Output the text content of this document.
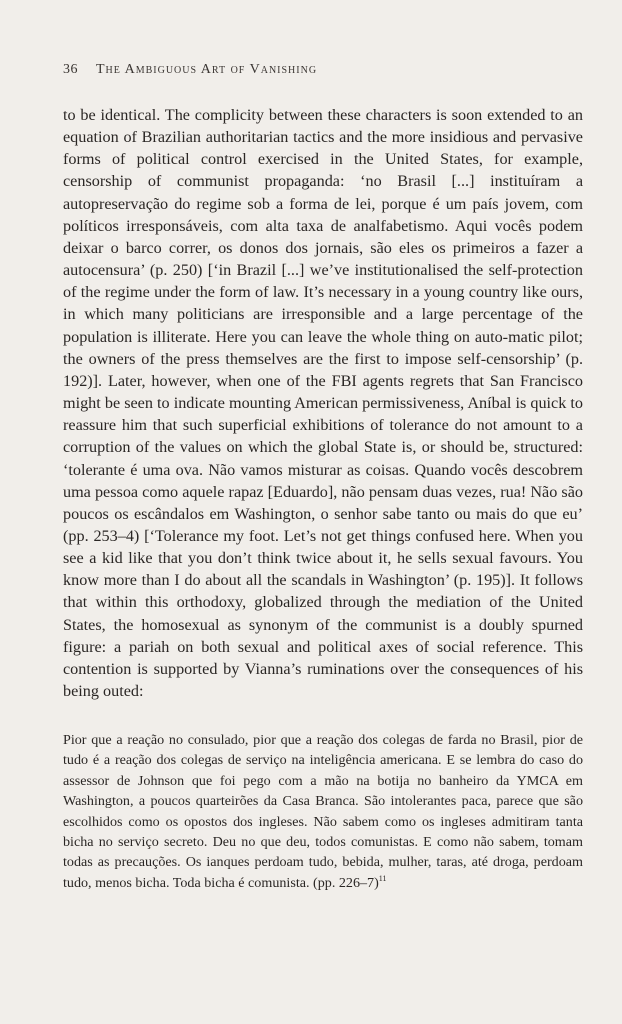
36 The Ambiguous Art of Vanishing

to be identical. The complicity between these characters is soon extended to an equation of Brazilian authoritarian tactics and the more insidious and pervasive forms of political control exercised in the United States, for example, censorship of communist propaganda: ‘no Brasil [...] instituíram a autopreservação do regime sob a forma de lei, porque é um país jovem, com políticos irresponsáveis, com alta taxa de analfabetismo. Aqui vocês podem deixar o barco correr, os donos dos jornais, são eles os primeiros a fazer a autocensura’ (p. 250) [‘in Brazil [...] we’ve institutionalised the self-protection of the regime under the form of law. It’s necessary in a young country like ours, in which many politicians are irresponsible and a large percentage of the population is illiterate. Here you can leave the whole thing on auto-matic pilot; the owners of the press themselves are the first to impose self-censorship’ (p. 192)]. Later, however, when one of the FBI agents regrets that San Francisco might be seen to indicate mounting American permissiveness, Aníbal is quick to reassure him that such superficial exhibitions of tolerance do not amount to a corruption of the values on which the global State is, or should be, structured: ‘tolerante é uma ova. Não vamos misturar as coisas. Quando vocês descobrem uma pessoa como aquele rapaz [Eduardo], não pensam duas vezes, rua! Não são poucos os escândalos em Washington, o senhor sabe tanto ou mais do que eu’ (pp. 253–4) [‘Tolerance my foot. Let’s not get things confused here. When you see a kid like that you don’t think twice about it, he sells sexual favours. You know more than I do about all the scandals in Washington’ (p. 195)]. It follows that within this orthodoxy, globalized through the mediation of the United States, the homosexual as synonym of the communist is a doubly spurned figure: a pariah on both sexual and political axes of social reference. This contention is supported by Vianna’s ruminations over the consequences of his being outed:

Pior que a reação no consulado, pior que a reação dos colegas de farda no Brasil, pior de tudo é a reação dos colegas de serviço na inteligência americana. E se lembra do caso do assessor de Johnson que foi pego com a mão na botija no banheiro da YMCA em Washington, a poucos quarteirões da Casa Branca. São intolerantes paca, parece que são escolhidos como os opostos dos ingleses. Não sabem como os ingleses admitiram tanta bicha no serviço secreto. Deu no que deu, todos comunistas. E como não sabem, tomam todas as precauções. Os ianques perdoam tudo, bebida, mulher, taras, até droga, perdoam tudo, menos bicha. Toda bicha é comunista. (pp. 226–7)$^{11}$
